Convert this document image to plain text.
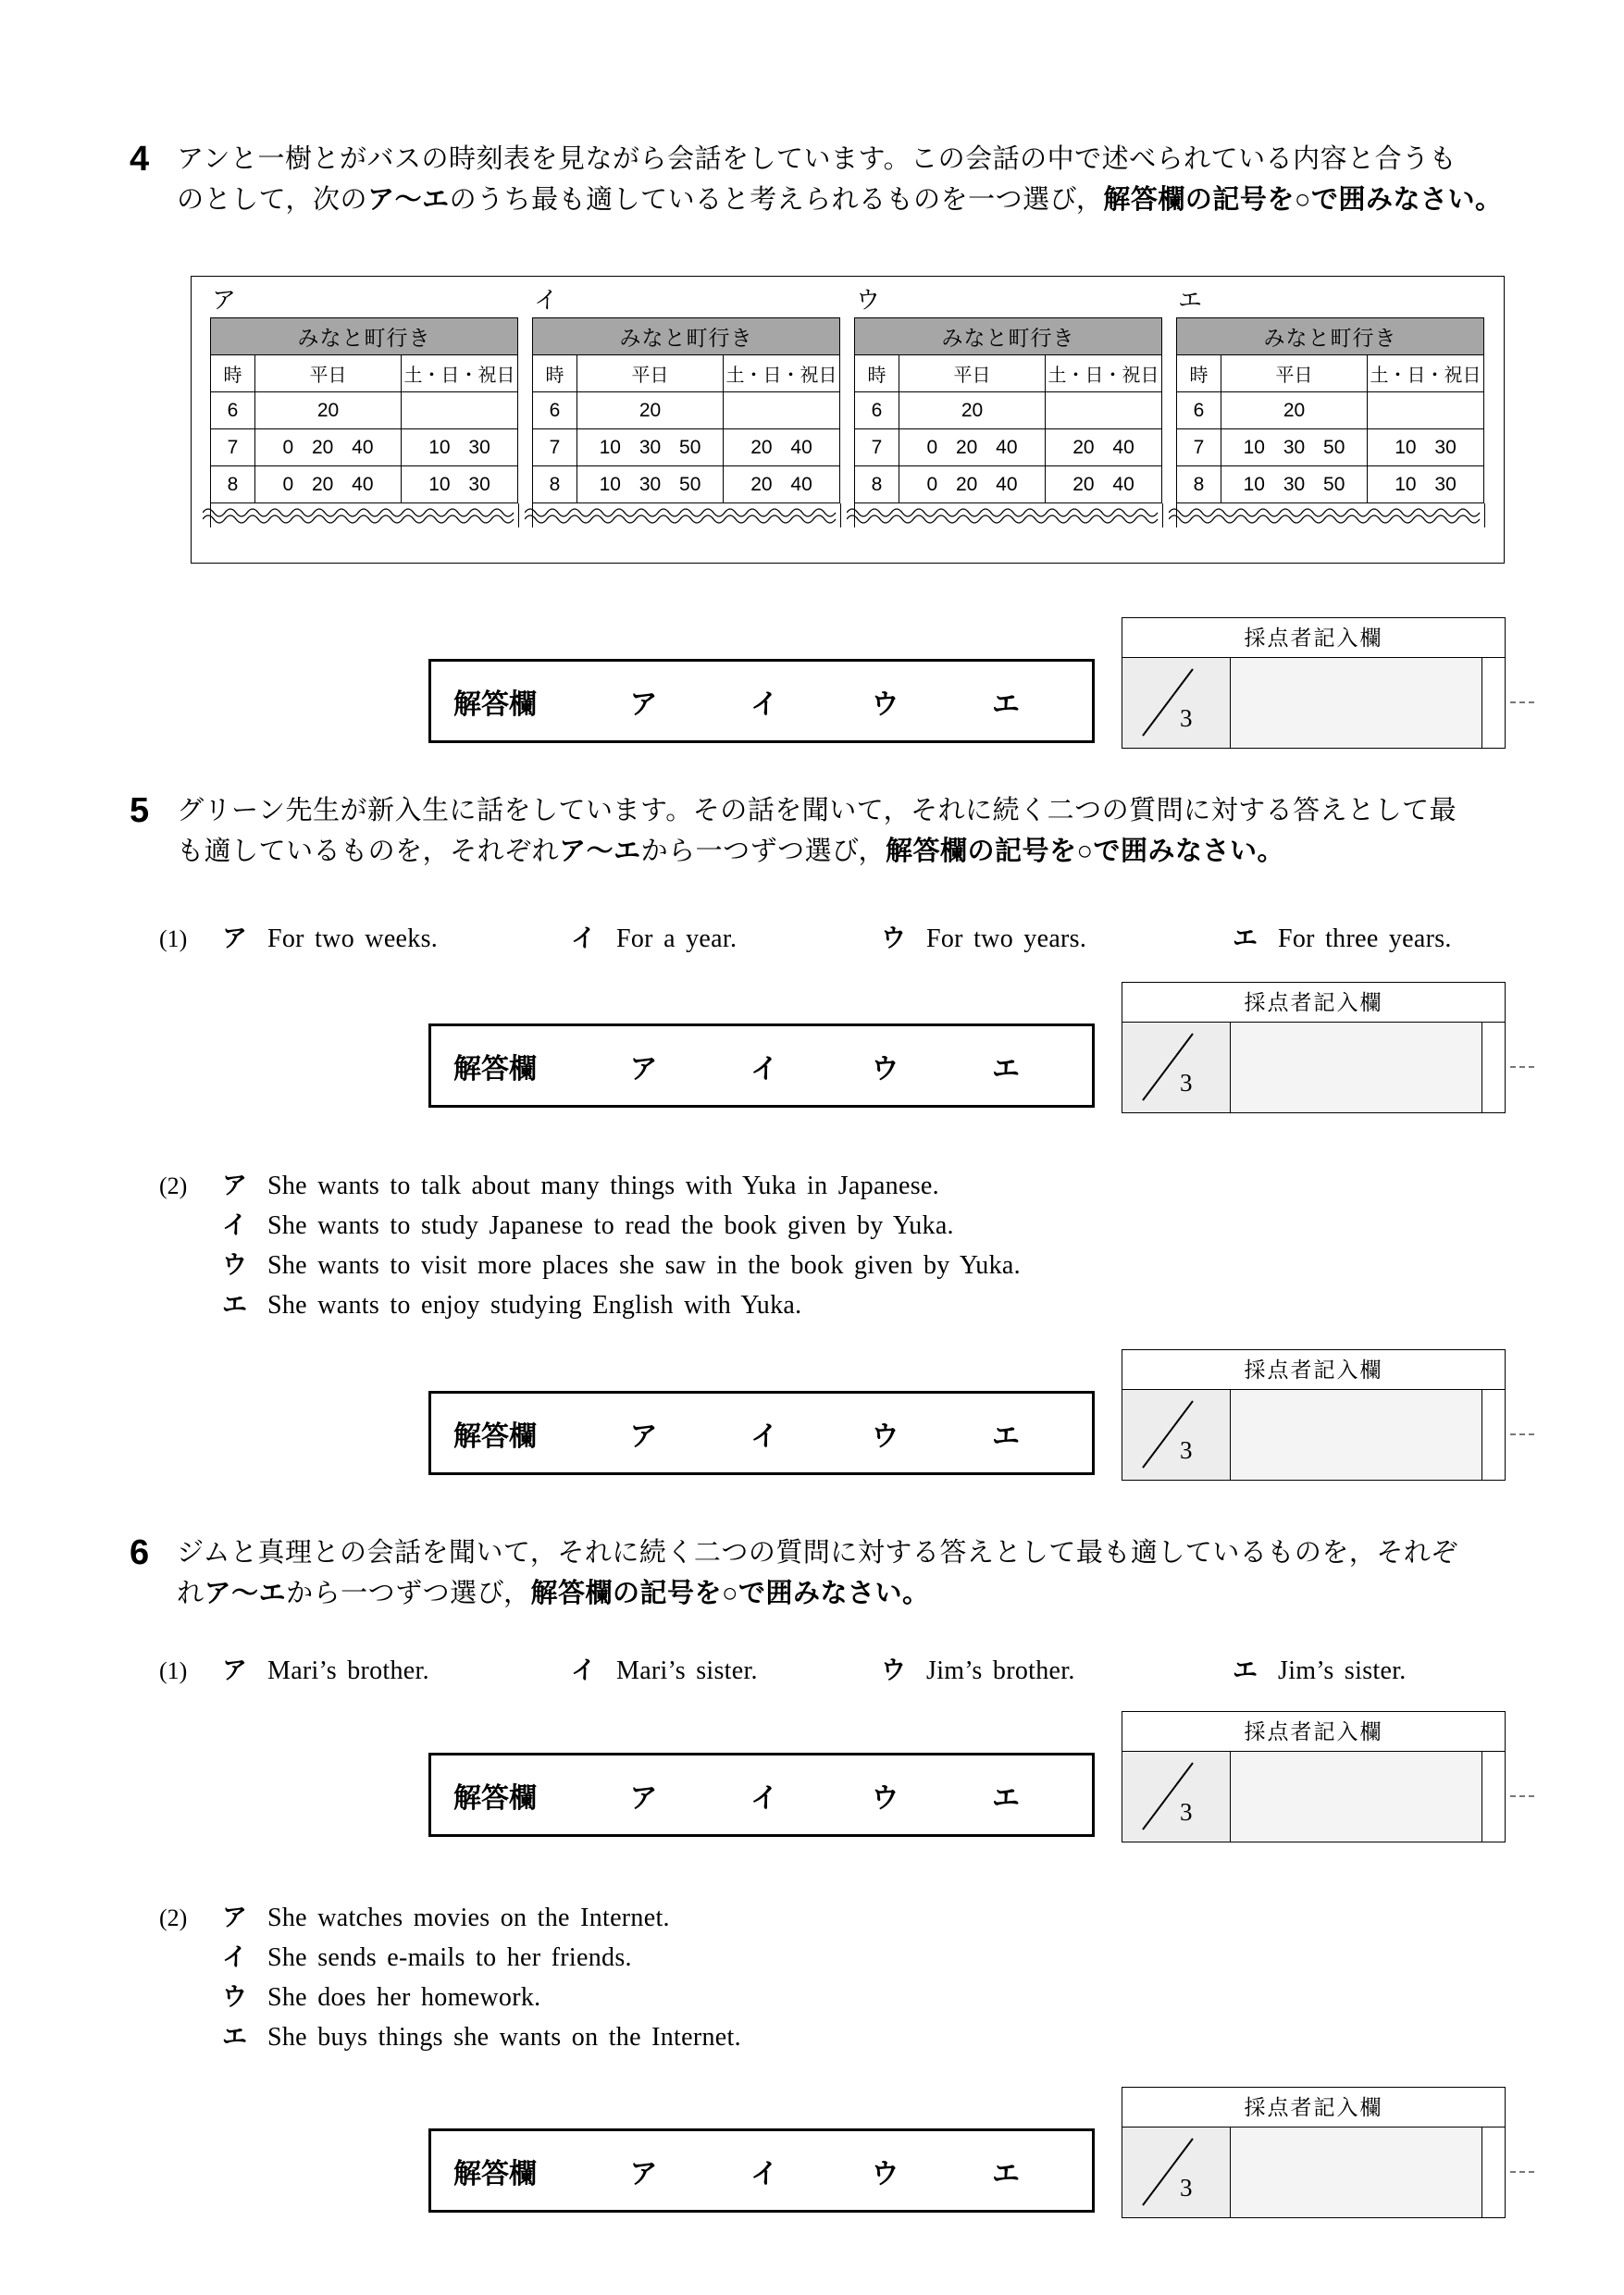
4 アンと一樹とがバスの時刻表を見ながら会話をしています。この会話の中で述べられている内容と合うも
のとして，次のア～エのうち最も適していると考えられるものを一つ選び，解答欄の記号を○で囲みなさい。
ア
みなと町行き		
時	平日	土・日・祝日
6	20	
7	0 20 40	10 30
8	0 20 40	10 30
イ
みなと町行き		
時	平日	土・日・祝日
6	20	
7	10 30 50	20 40
8	10 30 50	20 40
ウ
みなと町行き		
時	平日	土・日・祝日
6	20	
7	0 20 40	20 40
8	0 20 40	20 40
エ
みなと町行き		
時	平日	土・日・祝日
6	20	
7	10 30 50	10 30
8	10 30 50	10 30
解答欄	ア	イ	ウ	エ
採点者記入欄
3
5 グリーン先生が新入生に話をしています。その話を聞いて，それに続く二つの質問に対する答えとして最
も適しているものを，それぞれア～エから一つずつ選び，解答欄の記号を○で囲みなさい。
(1)	ア For two weeks.	イ For a year.	ウ For two years.	エ For three years.
解答欄	ア	イ	ウ	エ
採点者記入欄
3
(2)	ア She wants to talk about many things with Yuka in Japanese.
イ She wants to study Japanese to read the book given by Yuka.
ウ She wants to visit more places she saw in the book given by Yuka.
エ She wants to enjoy studying English with Yuka.
解答欄	ア	イ	ウ	エ
採点者記入欄
3
6 ジムと真理との会話を聞いて，それに続く二つの質問に対する答えとして最も適しているものを，それぞ
れア～エから一つずつ選び，解答欄の記号を○で囲みなさい。
(1)	ア Mari’s brother.	イ Mari’s sister.	ウ Jim’s brother.	エ Jim’s sister.
解答欄	ア	イ	ウ	エ
採点者記入欄
3
(2)	ア She watches movies on the Internet.
イ She sends e-mails to her friends.
ウ She does her homework.
エ She buys things she wants on the Internet.
解答欄	ア	イ	ウ	エ
採点者記入欄
3
